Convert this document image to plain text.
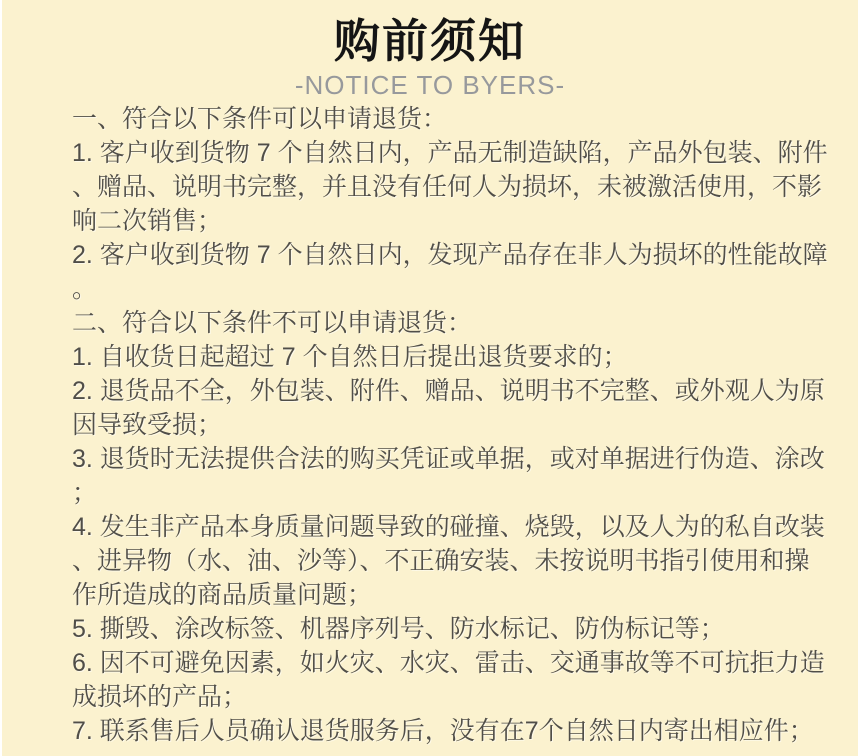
购前须知
-NOTICE TO BYERS-
一、符合以下条件可以申请退货：
1. 客户收到货物 7 个自然日内，产品无制造缺陷，产品外包装、附件
、赠品、说明书完整，并且没有任何人为损坏，未被激活使用，不影
响二次销售；
2. 客户收到货物 7 个自然日内，发现产品存在非人为损坏的性能故障
。
二、符合以下条件不可以申请退货：
1. 自收货日起超过 7 个自然日后提出退货要求的；
2. 退货品不全，外包装、附件、赠品、说明书不完整、或外观人为原
因导致受损；
3. 退货时无法提供合法的购买凭证或单据，或对单据进行伪造、涂改
；
4. 发生非产品本身质量问题导致的碰撞、烧毁，以及人为的私自改装
、进异物（水、油、沙等）、不正确安装、未按说明书指引使用和操
作所造成的商品质量问题；
5. 撕毁、涂改标签、机器序列号、防水标记、防伪标记等；
6. 因不可避免因素，如火灾、水灾、雷击、交通事故等不可抗拒力造
成损坏的产品；
7. 联系售后人员确认退货服务后，没有在7个自然日内寄出相应件；
